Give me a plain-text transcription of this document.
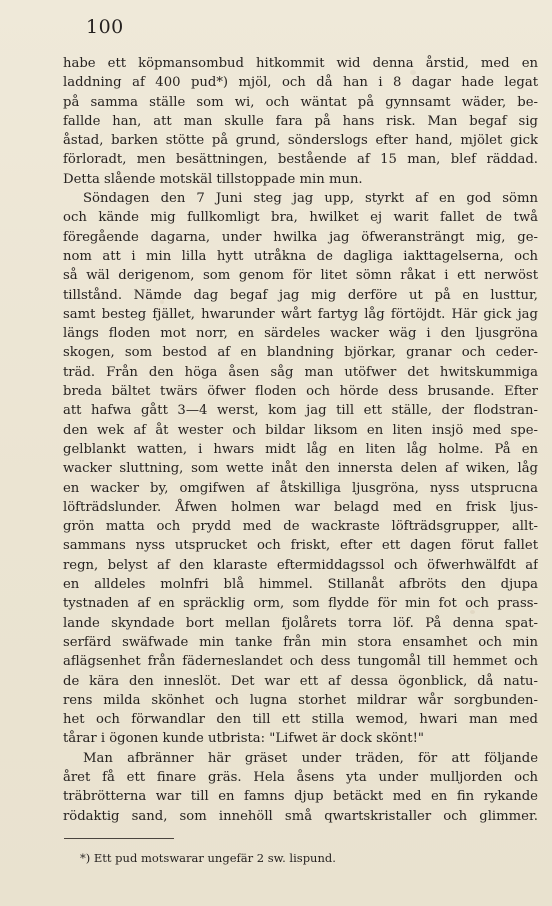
100
habe ett köpmansombud hitkommit wid denna årstid, med en
laddning af 400 pud*) mjöl, och då han i 8 dagar hade legat
på samma ställe som wi, och wäntat på gynnsamt wäder, be-
fallde han, att man skulle fara på hans risk. Man begaf sig
åstad, barken stötte på grund, sönderslogs efter hand, mjölet gick
förloradt, men besättningen, bestående af 15 man, blef räddad.
Detta slående motskäl tillstoppade min mun.
Söndagen den 7 Juni steg jag upp, styrkt af en god sömn
och kände mig fullkomligt bra, hwilket ej warit fallet de twå
föregående dagarna, under hwilka jag öfweransträngt mig, ge-
nom att i min lilla hytt utråkna de dagliga iakttagelserna, och
så wäl derigenom, som genom för litet sömn råkat i ett nerwöst
tillstånd. Nämde dag begaf jag mig derföre ut på en lusttur,
samt besteg fjället, hwarunder wårt fartyg låg förtöjdt. Här gick jag
längs floden mot norr, en särdeles wacker wäg i den ljusgröna
skogen, som bestod af en blandning björkar, granar och ceder-
träd. Från den höga åsen såg man utöfwer det hwitskummiga
breda bältet twärs öfwer floden och hörde dess brusande. Efter
att hafwa gått 3—4 werst, kom jag till ett ställe, der flodstran-
den wek af åt wester och bildar liksom en liten insjö med spe-
gelblankt watten, i hwars midt låg en liten låg holme. På en
wacker sluttning, som wette inåt den innersta delen af wiken, låg
en wacker by, omgifwen af åtskilliga ljusgröna, nyss utsprucna
löfträdslunder. Åfwen holmen war belagd med en frisk ljus-
grön matta och prydd med de wackraste löfträdsgrupper, allt-
sammans nyss utsprucket och friskt, efter ett dagen förut fallet
regn, belyst af den klaraste eftermiddagssol och öfwerhwälfdt af
en alldeles molnfri blå himmel. Stillanåt afbröts den djupa
tystnaden af en spräcklig orm, som flydde för min fot och prass-
lande skyndade bort mellan fjolårets torra löf. På denna spat-
serfärd swäfwade min tanke från min stora ensamhet och min
aflägsenhet från fäderneslandet och dess tungomål till hemmet och
de kära den inneslöt. Det war ett af dessa ögonblick, då natu-
rens milda skönhet och lugna storhet mildrar wår sorgbunden-
het och förwandlar den till ett stilla wemod, hwari man med
tårar i ögonen kunde utbrista: "Lifwet är dock skönt!"
Man afbränner här gräset under träden, för att följande
året få ett finare gräs. Hela åsens yta under mulljorden och
träbrötterna war till en famns djup betäckt med en fin rykande
rödaktig sand, som innehöll små qwartskristaller och glimmer.
*) Ett pud motswarar ungefär 2 sw. lispund.
